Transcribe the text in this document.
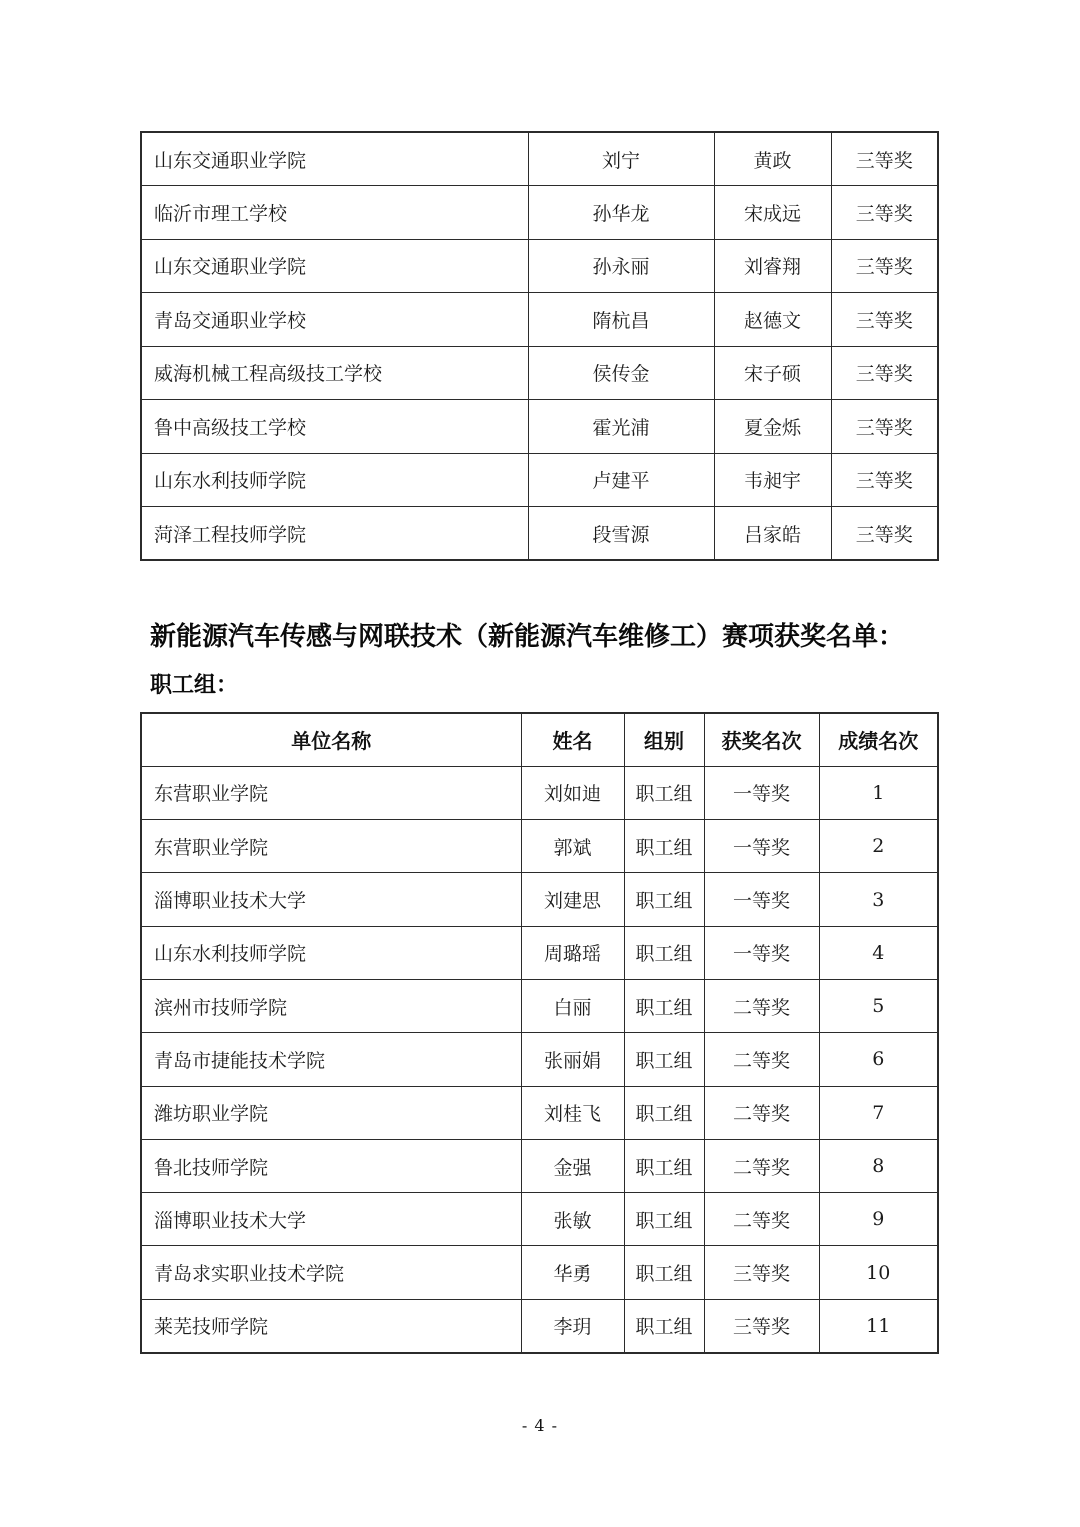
山东交通职业学院	刘宁	黄政	三等奖
临沂市理工学校	孙华龙	宋成远	三等奖
山东交通职业学院	孙永丽	刘睿翔	三等奖
青岛交通职业学校	隋杭昌	赵德文	三等奖
威海机械工程高级技工学校	侯传金	宋子硕	三等奖
鲁中高级技工学校	霍光浦	夏金烁	三等奖
山东水利技师学院	卢建平	韦昶宇	三等奖
菏泽工程技师学院	段雪源	吕家皓	三等奖
新能源汽车传感与网联技术（新能源汽车维修工）赛项获奖名单：
职工组：
单位名称	姓名	组别	获奖名次	成绩名次
东营职业学院	刘如迪	职工组	一等奖	1
东营职业学院	郭斌	职工组	一等奖	2
淄博职业技术大学	刘建思	职工组	一等奖	3
山东水利技师学院	周璐瑶	职工组	一等奖	4
滨州市技师学院	白丽	职工组	二等奖	5
青岛市捷能技术学院	张丽娟	职工组	二等奖	6
潍坊职业学院	刘桂飞	职工组	二等奖	7
鲁北技师学院	金强	职工组	二等奖	8
淄博职业技术大学	张敏	职工组	二等奖	9
青岛求实职业技术学院	华勇	职工组	三等奖	10
莱芜技师学院	李玥	职工组	三等奖	11
- 4 -
